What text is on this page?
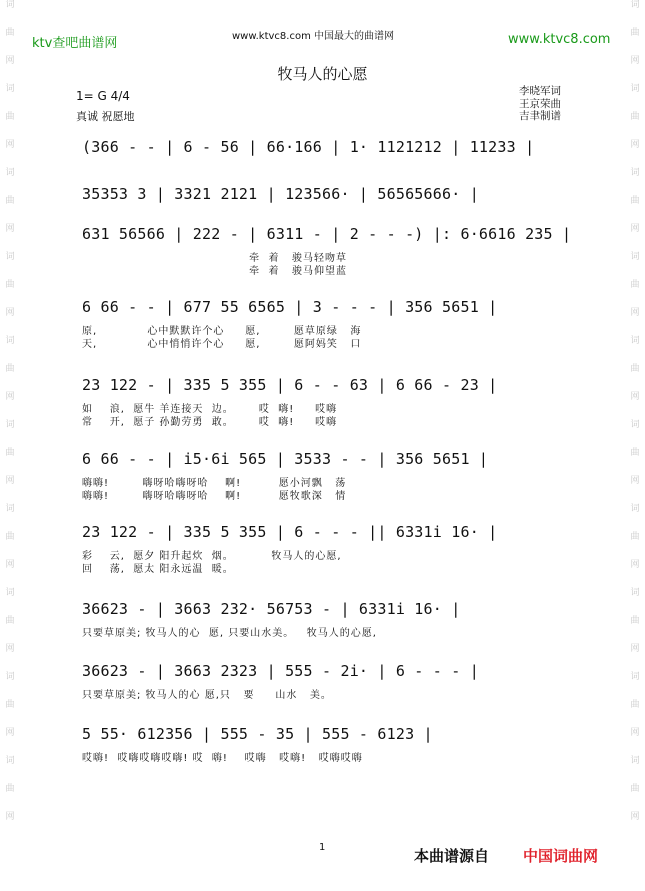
词
曲
网
词
曲
网
词
曲
网
词
曲
网
词
曲
网
词
曲
网
词
曲
网
词
曲
网
词
曲
网
词
曲
网
词
曲
网
词
曲
网
词
曲
网
词
曲
网
词
曲
网
词
曲
网
词
曲
网
词
曲
网
词
曲
网
词
曲
网
ktv查吧曲谱网	www.ktvc8.com 中国最大的曲谱网	www.ktvc8.com
牧马人的心愿
1= G 4/4
真诚 祝愿地
李晓军词
王京荣曲
吉聿制谱
(366 - - | 6 - 56 | 66·166 | 1· 1121212 | 11233 |
35353 3 | 3321 2121 | 123566· | 56565666· |
631 56566 | 222 - | 6311 - | 2 - - -) |: 6·6616 235 |
牵  着   骏马轻吻草
牵  着   骏马仰望蓝
6 66 - - | 677 55 6565 | 3 - - - | 356 5651 |
原,            心中默默许个心     愿,        愿草原绿   海
天,            心中悄悄许个心     愿,        愿阿妈笑   口
23 122 - | 335 5 355 | 6 - - 63 | 6 66 - 23 |
如    浪,  愿牛 羊连接天  边。      哎  嗨!     哎嗨
常    开,  愿子 孙勤劳勇  敢。      哎  嗨!     哎嗨
6 66 - - | i5·6i 565 | 3533 - - | 356 5651 |
嗨嗨!        嗨呀哈嗨呀哈    啊!         愿小河飘   荡
嗨嗨!        嗨呀哈嗨呀哈    啊!         愿牧歌深   情
23 122 - | 335 5 355 | 6 - - - || 6331i 16· |
彩    云,  愿夕 阳升起炊  烟。         牧马人的心愿,
回    荡,  愿太 阳永远温  暖。
36623 - | 3663 232· 56753 - | 6331i 16· |
只要草原美; 牧马人的心  愿, 只要山水美。   牧马人的心愿,
36623 - | 3663 2323 | 555 - 2i· | 6 - - - |
只要草原美; 牧马人的心 愿,只   要     山水   美。
5 55· 612356 | 555 - 35 | 555 - 6123 |
哎嗨!  哎嗨哎嗨哎嗨! 哎  嗨!    哎嗨   哎嗨!   哎嗨哎嗨
1	本曲谱源自 中国词曲网
